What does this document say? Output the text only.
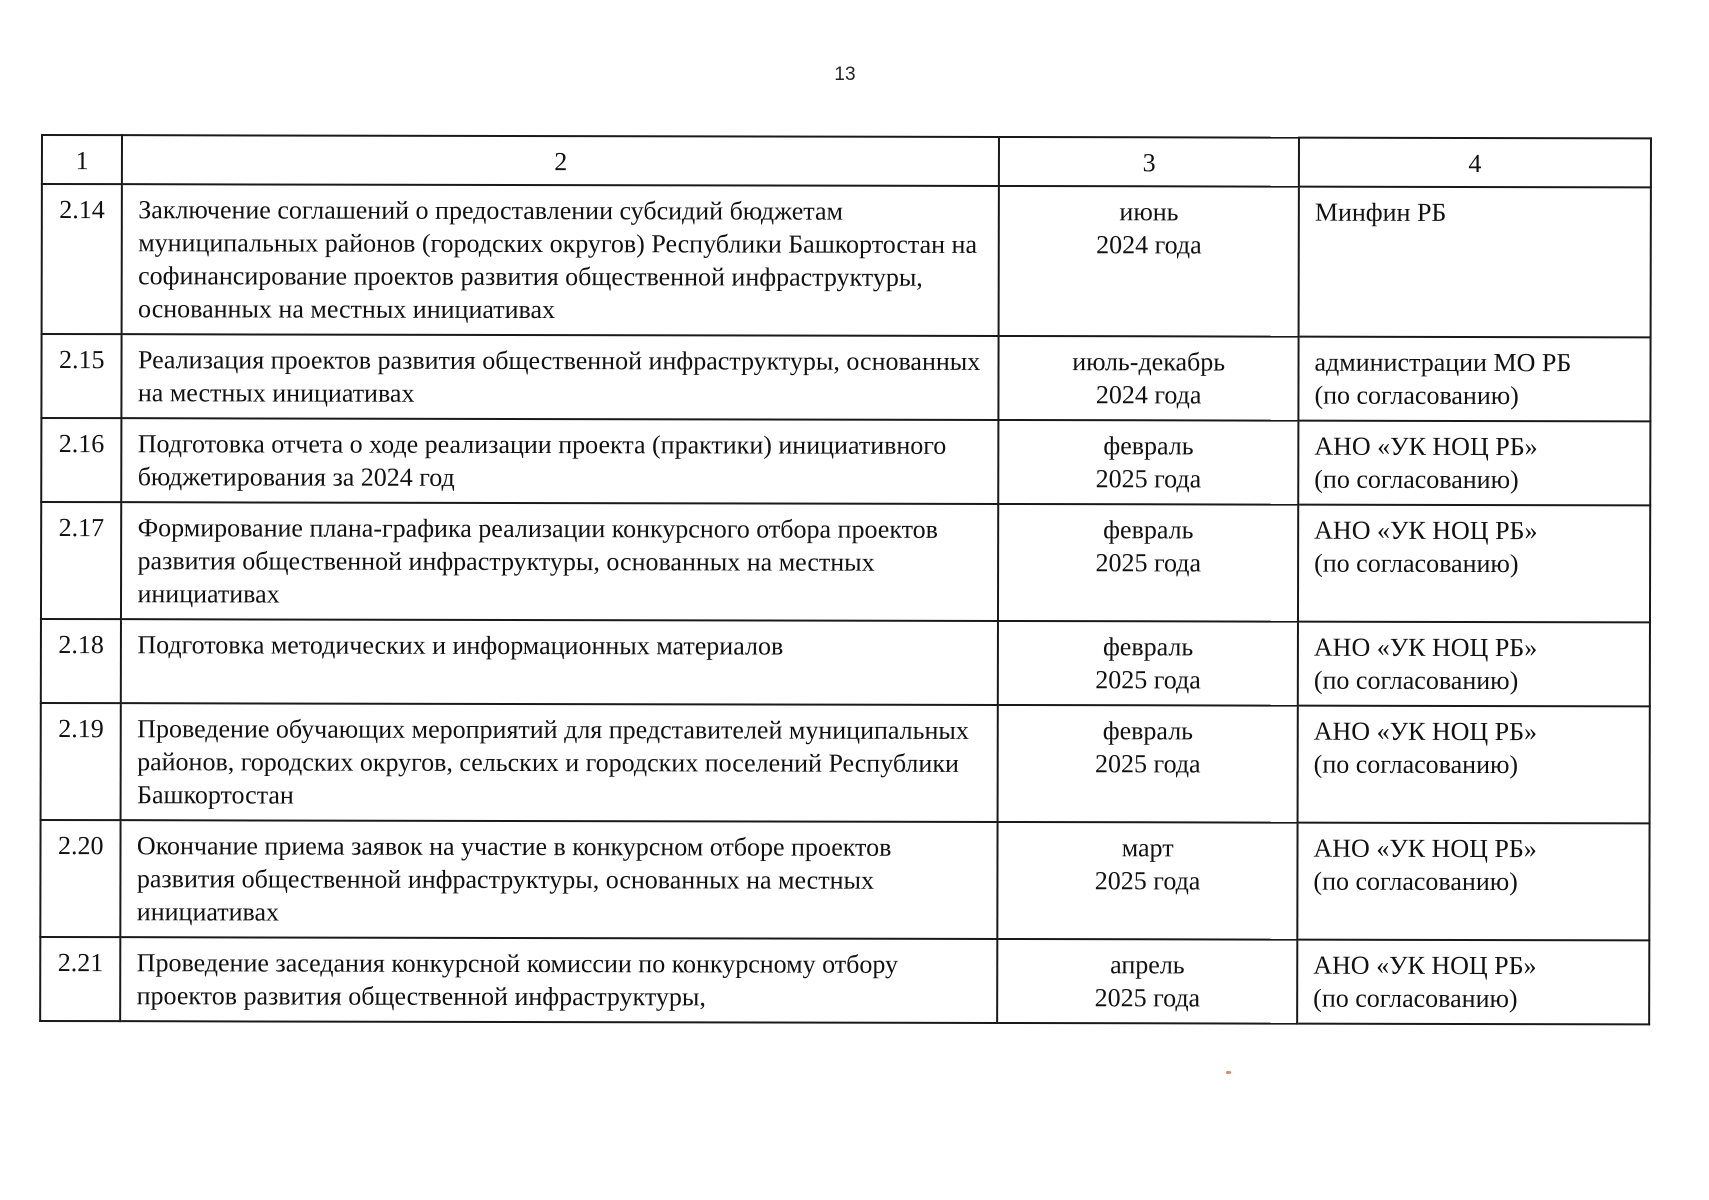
13
1	2	3	4
2.14	Заключение соглашений о предоставлении субсидий бюджетам муниципальных районов (городских округов) Республики Башкортостан на софинансирование проектов развития общественной инфраструктуры, основанных на местных инициативах	июнь
2024 года	Минфин РБ

2.15	Реализация проектов развития общественной инфраструктуры, основанных на местных инициативах	июль-декабрь
2024 года	администрации МО РБ
(по согласованию)

2.16	Подготовка отчета о ходе реализации проекта (практики) инициативного бюджетирования за 2024 год	февраль
2025 года	АНО «УК НОЦ РБ»
(по согласованию)

2.17	Формирование плана-графика реализации конкурсного отбора проектов развития общественной инфраструктуры, основанных на местных инициативах	февраль
2025 года	АНО «УК НОЦ РБ»
(по согласованию)

2.18	Подготовка методических и информационных материалов	февраль
2025 года	АНО «УК НОЦ РБ»
(по согласованию)

2.19	Проведение обучающих мероприятий для представителей муниципальных районов, городских округов, сельских и городских поселений Республики Башкортостан	февраль
2025 года	АНО «УК НОЦ РБ»
(по согласованию)

2.20	Окончание приема заявок на участие в конкурсном отборе проектов развития общественной инфраструктуры, основанных на местных инициативах	март
2025 года	АНО «УК НОЦ РБ»
(по согласованию)

2.21	Проведение заседания конкурсной комиссии по конкурсному отбору проектов развития общественной инфраструктуры,	апрель
2025 года	АНО «УК НОЦ РБ»
(по согласованию)
